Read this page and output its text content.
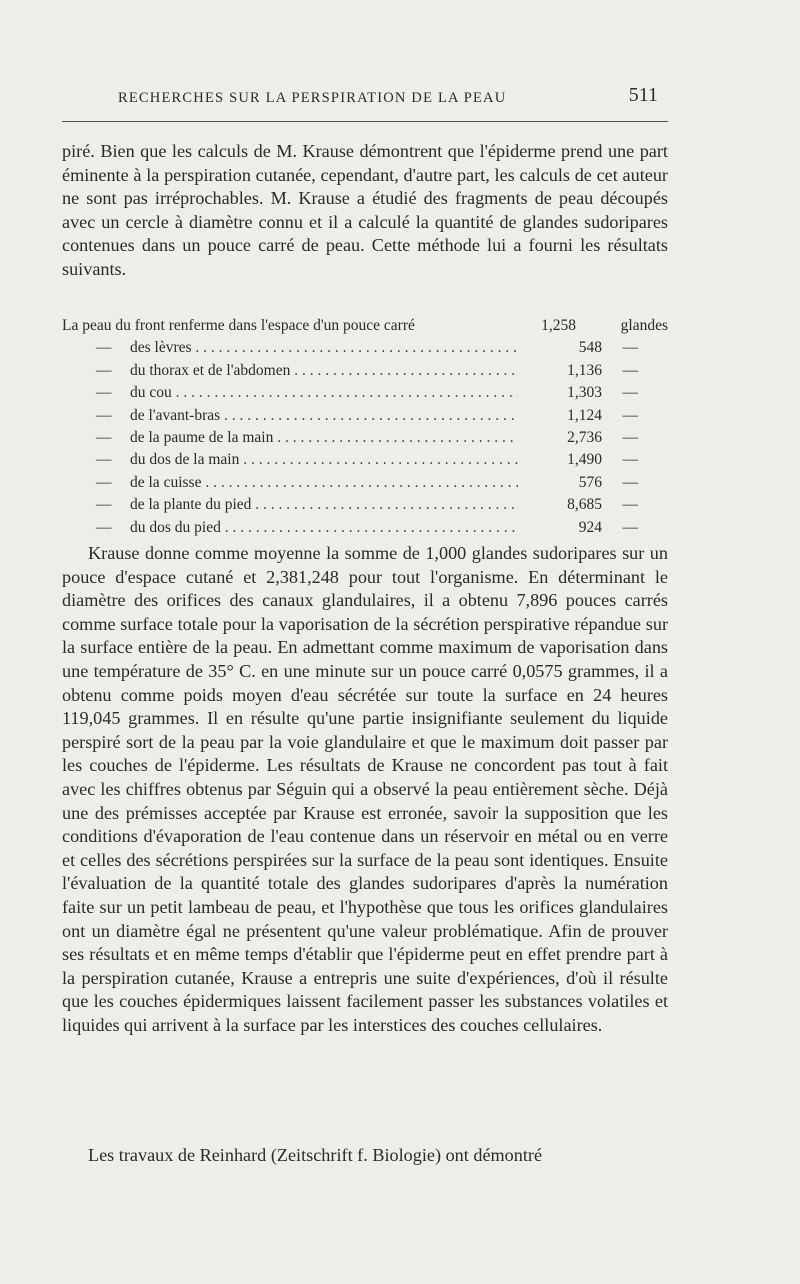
RECHERCHES SUR LA PERSPIRATION DE LA PEAU	511

piré. Bien que les calculs de M. Krause démontrent que l'épiderme prend une part éminente à la perspiration cutanée, cependant, d'autre part, les calculs de cet auteur ne sont pas irréprochables. M. Krause a étudié des fragments de peau découpés avec un cercle à diamètre connu et il a calculé la quantité de glandes sudoripares contenues dans un pouce carré de peau. Cette méthode lui a fourni les résultats suivants.

La peau du front renferme dans l'espace d'un pouce carré	1,258	glandes
— des lèvres . . .	548 —
— du thorax et de l'abdomen . . .	1,136 —
— du cou . . .	1,303 —
— de l'avant-bras . . .	1,124 —
— de la paume de la main . . .	2,736 —
— du dos de la main . . .	1,490 —
— de la cuisse . . .	576 —
— de la plante du pied . . .	8,685 —
— du dos du pied . . .	924 —

Krause donne comme moyenne la somme de 1,000 glandes sudoripares sur un pouce d'espace cutané et 2,381,248 pour tout l'organisme. En déterminant le diamètre des orifices des canaux glandulaires, il a obtenu 7,896 pouces carrés comme surface totale pour la vaporisation de la sécrétion perspirative répandue sur la surface entière de la peau. En admettant comme maximum de vaporisation dans une température de 35° C. en une minute sur un pouce carré 0,0575 grammes, il a obtenu comme poids moyen d'eau sécrétée sur toute la surface en 24 heures 119,045 grammes. Il en résulte qu'une partie insignifiante seulement du liquide perspiré sort de la peau par la voie glandulaire et que le maximum doit passer par les couches de l'épiderme. Les résultats de Krause ne concordent pas tout à fait avec les chiffres obtenus par Séguin qui a observé la peau entièrement sèche. Déjà une des prémisses acceptée par Krause est erronée, savoir la supposition que les conditions d'évaporation de l'eau contenue dans un réservoir en métal ou en verre et celles des sécrétions perspirées sur la surface de la peau sont identiques. Ensuite l'évaluation de la quantité totale des glandes sudoripares d'après la numération faite sur un petit lambeau de peau, et l'hypothèse que tous les orifices glandulaires ont un diamètre égal ne présentent qu'une valeur problématique. Afin de prouver ses résultats et en même temps d'établir que l'épiderme peut en effet prendre part à la perspiration cutanée, Krause a entrepris une suite d'expériences, d'où il résulte que les couches épidermiques laissent facilement passer les substances volatiles et liquides qui arrivent à la surface par les interstices des couches cellulaires.

Les travaux de Reinhard (Zeitschrift f. Biologie) ont démontré
